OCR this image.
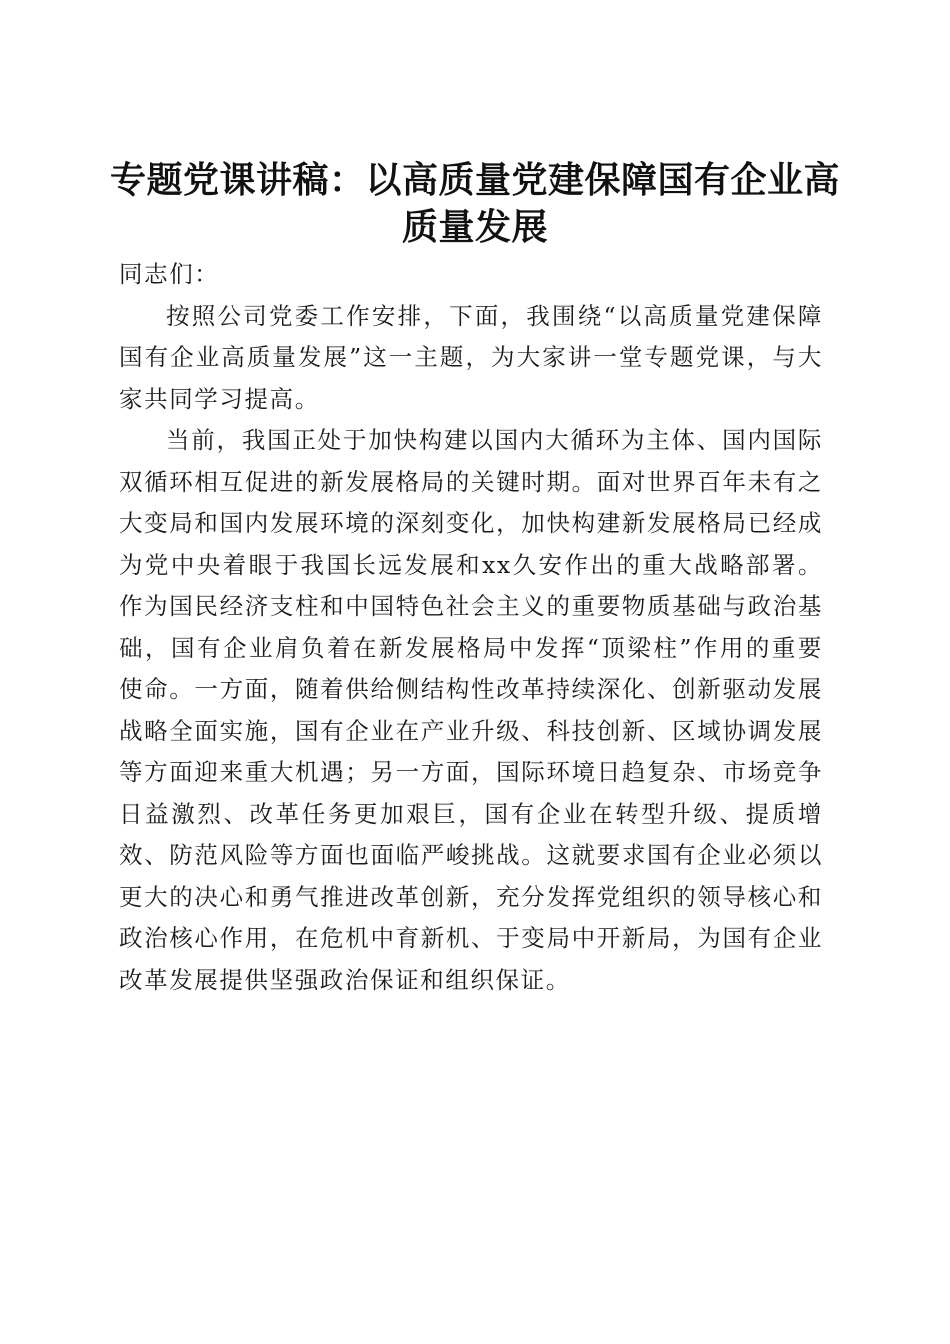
专题党课讲稿：以高质量党建保障国有企业高质量发展

同志们：

按照公司党委工作安排，下面，我围绕“以高质量党建保障国有企业高质量发展”这一主题，为大家讲一堂专题党课，与大家共同学习提高。

当前，我国正处于加快构建以国内大循环为主体、国内国际双循环相互促进的新发展格局的关键时期。面对世界百年未有之大变局和国内发展环境的深刻变化，加快构建新发展格局已经成为党中央着眼于我国长远发展和xx久安作出的重大战略部署。作为国民经济支柱和中国特色社会主义的重要物质基础与政治基础，国有企业肩负着在新发展格局中发挥“顶梁柱”作用的重要使命。一方面，随着供给侧结构性改革持续深化、创新驱动发展战略全面实施，国有企业在产业升级、科技创新、区域协调发展等方面迎来重大机遇；另一方面，国际环境日趋复杂、市场竞争日益激烈、改革任务更加艰巨，国有企业在转型升级、提质增效、防范风险等方面也面临严峻挑战。这就要求国有企业必须以更大的决心和勇气推进改革创新，充分发挥党组织的领导核心和政治核心作用，在危机中育新机、于变局中开新局，为国有企业改革发展提供坚强政治保证和组织保证。
